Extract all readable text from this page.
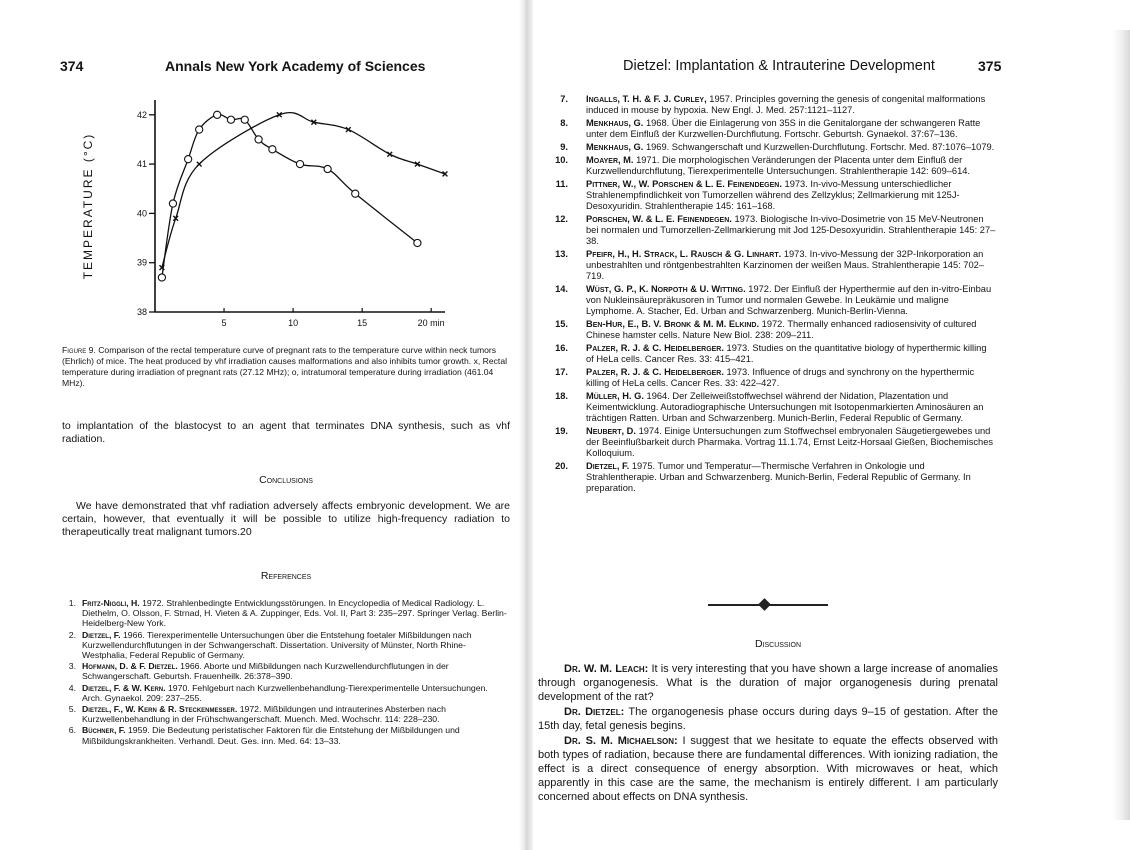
374	Annals New York Academy of Sciences
38
39
40
41
42
5	10	15	20 min
TEMPERATURE (°C)
Figure 9. Comparison of the rectal temperature curve of pregnant rats to the temperature curve within neck tumors (Ehrlich) of mice. The heat produced by vhf irradiation causes malformations and also inhibits tumor growth. x, Rectal temperature during irradiation of pregnant rats (27.12 MHz); o, intratumoral temperature during irradiation (461.04 MHz).
to implantation of the blastocyst to an agent that terminates DNA synthesis, such as vhf radiation.
Conclusions
We have demonstrated that vhf radiation adversely affects embryonic development. We are certain, however, that eventually it will be possible to utilize high-frequency radiation to therapeutically treat malignant tumors.20
References
1. Fritz-Niggli, H. 1972. Strahlenbedingte Entwicklungsstörungen. In Encyclopedia of Medical Radiology. L. Diethelm, O. Olsson, F. Strnad, H. Vieten & A. Zuppinger, Eds. Vol. II, Part 3: 235–297. Springer Verlag. Berlin-Heidelberg-New York.
2. Dietzel, F. 1966. Tierexperimentelle Untersuchungen über die Entstehung foetaler Mißbildungen nach Kurzwellendurchflutungen in der Schwangerschaft. Dissertation. University of Münster, North Rhine-Westphalia, Federal Republic of Germany.
3. Hofmann, D. & F. Dietzel. 1966. Aborte und Mißbildungen nach Kurzwellendurchflutungen in der Schwangerschaft. Geburtsh. Frauenheilk. 26:378–390.
4. Dietzel, F. & W. Kern. 1970. Fehlgeburt nach Kurzwellenbehandlung-Tierexperimentelle Untersuchungen. Arch. Gynaekol. 209: 237–255.
5. Dietzel, F., W. Kern & R. Steckenmesser. 1972. Mißbildungen und intrauterines Absterben nach Kurzwellenbehandlung in der Frühschwangerschaft. Muench. Med. Wochschr. 114: 228–230.
6. Büchner, F. 1959. Die Bedeutung peristatischer Faktoren für die Entstehung der Mißbildungen und Mißbildungskrankheiten. Verhandl. Deut. Ges. inn. Med. 64: 13–33.
Dietzel: Implantation & Intrauterine Development	375
7. Ingalls, T. H. & F. J. Curley, 1957. Principles governing the genesis of congenital malformations induced in mouse by hypoxia. New Engl. J. Med. 257:1121–1127.
8. Menkhaus, G. 1968. Über die Einlagerung von 35S in die Genitalorgane der schwangeren Ratte unter dem Einfluß der Kurzwellen-Durchflutung. Fortschr. Geburtsh. Gynaekol. 37:67–136.
9. Menkhaus, G. 1969. Schwangerschaft und Kurzwellen-Durchflutung. Fortschr. Med. 87:1076–1079.
10. Moayer, M. 1971. Die morphologischen Veränderungen der Placenta unter dem Einfluß der Kurzwellendurchflutung, Tierexperimentelle Untersuchungen. Strahlentherapie 142: 609–614.
11. Pittner, W., W. Porschen & L. E. Feinendegen. 1973. In-vivo-Messung unterschiedlicher Strahlenempfindlichkeit von Tumorzellen während des Zellzyklus; Zellmarkierung mit 125J-Desoxyuridin. Strahlentherapie 145: 161–168.
12. Porschen, W. & L. E. Feinendegen. 1973. Biologische In-vivo-Dosimetrie von 15 MeV-Neutronen bei normalen und Tumorzellen-Zellmarkierung mit Jod 125-Desoxyuridin. Strahlentherapie 145: 27–38.
13. Pfeifr, H., H. Strack, L. Rausch & G. Linhart. 1973. In-vivo-Messung der 32P-Inkorporation an unbestrahlten und röntgenbestrahlten Karzinomen der weißen Maus. Strahlentherapie 145: 702–719.
14. Wüst, G. P., K. Norpoth & U. Witting. 1972. Der Einfluß der Hyperthermie auf den in-vitro-Einbau von Nukleinsäurepräkusoren in Tumor und normalen Gewebe. In Leukämie und maligne Lymphome. A. Stacher, Ed. Urban and Schwarzenberg. Munich-Berlin-Vienna.
15. Ben-Hur, E., B. V. Bronk & M. M. Elkind. 1972. Thermally enhanced radiosensivity of cultured Chinese hamster cells. Nature New Biol. 238: 209–211.
16. Palzer, R. J. & C. Heidelberger. 1973. Studies on the quantitative biology of hyperthermic killing of HeLa cells. Cancer Res. 33: 415–421.
17. Palzer, R. J. & C. Heidelberger. 1973. Influence of drugs and synchrony on the hyperthermic killing of HeLa cells. Cancer Res. 33: 422–427.
18. Müller, H. G. 1964. Der Zelleiweißstoffwechsel während der Nidation, Plazentation und Keimentwicklung. Autoradiographische Untersuchungen mit Isotopenmarkierten Aminosäuren an trächtigen Ratten. Urban and Schwarzenberg. Munich-Berlin, Federal Republic of Germany.
19. Neubert, D. 1974. Einige Untersuchungen zum Stoffwechsel embryonalen Säugetiergewebes und der Beeinflußbarkeit durch Pharmaka. Vortrag 11.1.74, Ernst Leitz-Horsaal Gießen, Biochemisches Kolloquium.
20. Dietzel, F. 1975. Tumor und Temperatur—Thermische Verfahren in Onkologie und Strahlentherapie. Urban and Schwarzenberg. Munich-Berlin, Federal Republic of Germany. In preparation.
Discussion

Dr. W. M. Leach: It is very interesting that you have shown a large increase of anomalies through organogenesis. What is the duration of major organogenesis during prenatal development of the rat?

Dr. Dietzel: The organogenesis phase occurs during days 9–15 of gestation. After the 15th day, fetal genesis begins.

Dr. S. M. Michaelson: I suggest that we hesitate to equate the effects observed with both types of radiation, because there are fundamental differences. With ionizing radiation, the effect is a direct consequence of energy absorption. With microwaves or heat, which apparently in this case are the same, the mechanism is entirely different. I am particularly concerned about effects on DNA synthesis.
